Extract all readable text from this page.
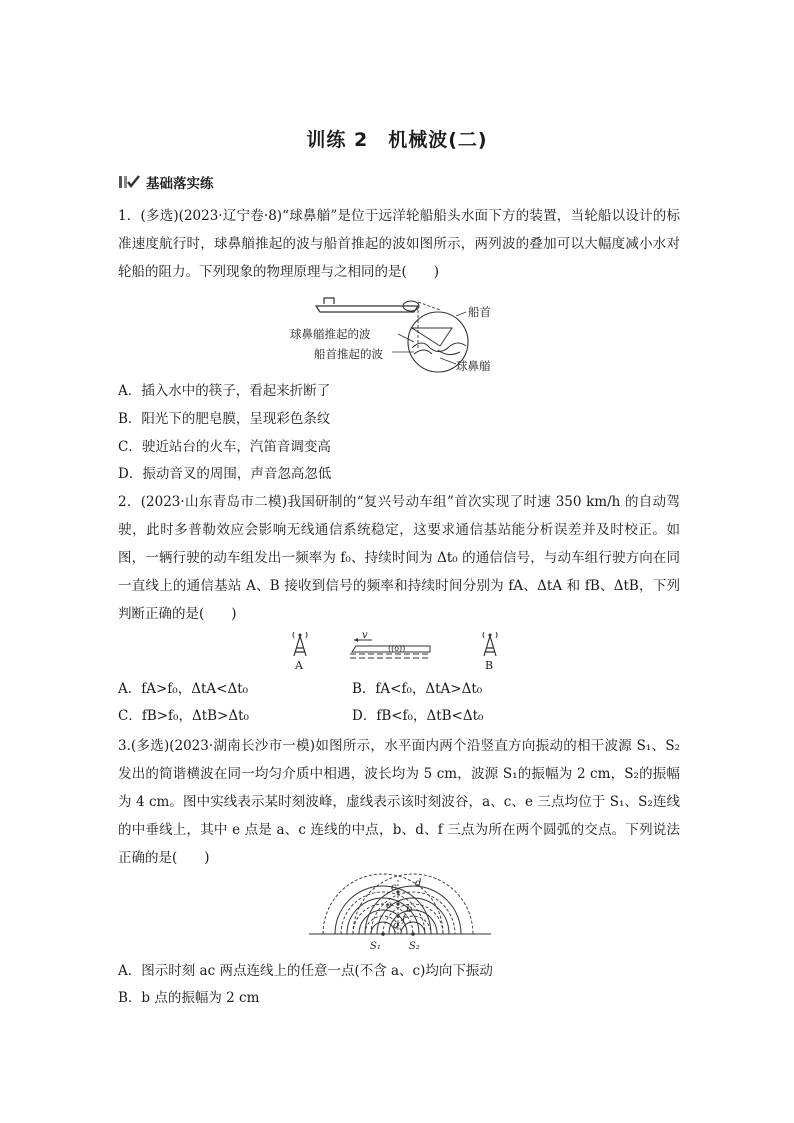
训练 2　机械波(二)
基础落实练
1．(多选)(2023·辽宁卷·8)“球鼻艏”是位于远洋轮船船头水面下方的装置，当轮船以设计的标准速度航行时，球鼻艏推起的波与船首推起的波如图所示，两列波的叠加可以大幅度减小水对轮船的阻力。下列现象的物理原理与之相同的是(　　)
船首
球鼻艏推起的波
船首推起的波
球鼻艏
A．插入水中的筷子，看起来折断了
B．阳光下的肥皂膜，呈现彩色条纹
C．驶近站台的火车，汽笛音调变高
D．振动音叉的周围，声音忽高忽低
2．(2023·山东青岛市二模)我国研制的“复兴号动车组”首次实现了时速 350 km/h 的自动驾驶，此时多普勒效应会影响无线通信系统稳定，这要求通信基站能分析误差并及时校正。如图，一辆行驶的动车组发出一频率为 f₀、持续时间为 Δt₀ 的通信信号，与动车组行驶方向在同一直线上的通信基站 A、B 接收到信号的频率和持续时间分别为 fA、ΔtA 和 fB、ΔtB，下列判断正确的是(　　)
A
((o))
v
B
A．fA>f₀，ΔtA<Δt₀	B．fA<f₀，ΔtA>Δt₀
C．fB>f₀，ΔtB>Δt₀	D．fB<f₀，ΔtB<Δt₀
3.(多选)(2023·湖南长沙市一模)如图所示，水平面内两个沿竖直方向振动的相干波源 S₁、S₂发出的简谐横波在同一均匀介质中相遇，波长均为 5 cm，波源 S₁的振幅为 2 cm，S₂的振幅为 4 cm。图中实线表示某时刻波峰，虚线表示该时刻波谷，a、c、e 三点均位于 S₁、S₂连线的中垂线上，其中 e 点是 a、c 连线的中点，b、d、f 三点为所在两个圆弧的交点。下列说法正确的是(　　)
S₁	S₂
a
b
c d
e
f
A．图示时刻 ac 两点连线上的任意一点(不含 a、c)均向下振动
B．b 点的振幅为 2 cm
